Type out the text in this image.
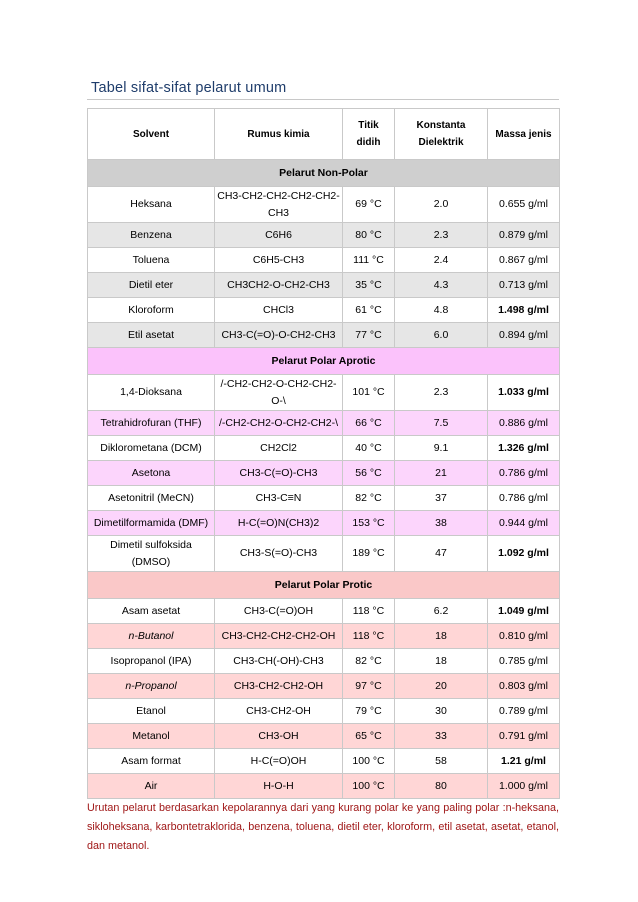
Tabel sifat-sifat pelarut umum
Solvent	Rumus kimia	Titik didih	Konstanta Dielektrik	Massa jenis
Pelarut Non-Polar				
Heksana	CH3-CH2-CH2-CH2-CH2-CH3	69 °C	2.0	0.655 g/ml
Benzena	C6H6	80 °C	2.3	0.879 g/ml
Toluena	C6H5-CH3	111 °C	2.4	0.867 g/ml
Dietil eter	CH3CH2-O-CH2-CH3	35 °C	4.3	0.713 g/ml
Kloroform	CHCl3	61 °C	4.8	1.498 g/ml
Etil asetat	CH3-C(=O)-O-CH2-CH3	77 °C	6.0	0.894 g/ml
Pelarut Polar Aprotic				
1,4-Dioksana	/-CH2-CH2-O-CH2-CH2-O-\	101 °C	2.3	1.033 g/ml
Tetrahidrofuran (THF)	/-CH2-CH2-O-CH2-CH2-\	66 °C	7.5	0.886 g/ml
Diklorometana (DCM)	CH2Cl2	40 °C	9.1	1.326 g/ml
Asetona	CH3-C(=O)-CH3	56 °C	21	0.786 g/ml
Asetonitril (MeCN)	CH3-C≡N	82 °C	37	0.786 g/ml
Dimetilformamida (DMF)	H-C(=O)N(CH3)2	153 °C	38	0.944 g/ml
Dimetil sulfoksida (DMSO)	CH3-S(=O)-CH3	189 °C	47	1.092 g/ml
Pelarut Polar Protic				
Asam asetat	CH3-C(=O)OH	118 °C	6.2	1.049 g/ml
n-Butanol	CH3-CH2-CH2-CH2-OH	118 °C	18	0.810 g/ml
Isopropanol (IPA)	CH3-CH(-OH)-CH3	82 °C	18	0.785 g/ml
n-Propanol	CH3-CH2-CH2-OH	97 °C	20	0.803 g/ml
Etanol	CH3-CH2-OH	79 °C	30	0.789 g/ml
Metanol	CH3-OH	65 °C	33	0.791 g/ml
Asam format	H-C(=O)OH	100 °C	58	1.21 g/ml
Air	H-O-H	100 °C	80	1.000 g/ml
Urutan pelarut berdasarkan kepolarannya dari yang kurang polar ke yang paling polar :n-heksana, sikloheksana, karbontetraklorida, benzena, toluena, dietil eter, kloroform, etil asetat, asetat, etanol, dan metanol.
